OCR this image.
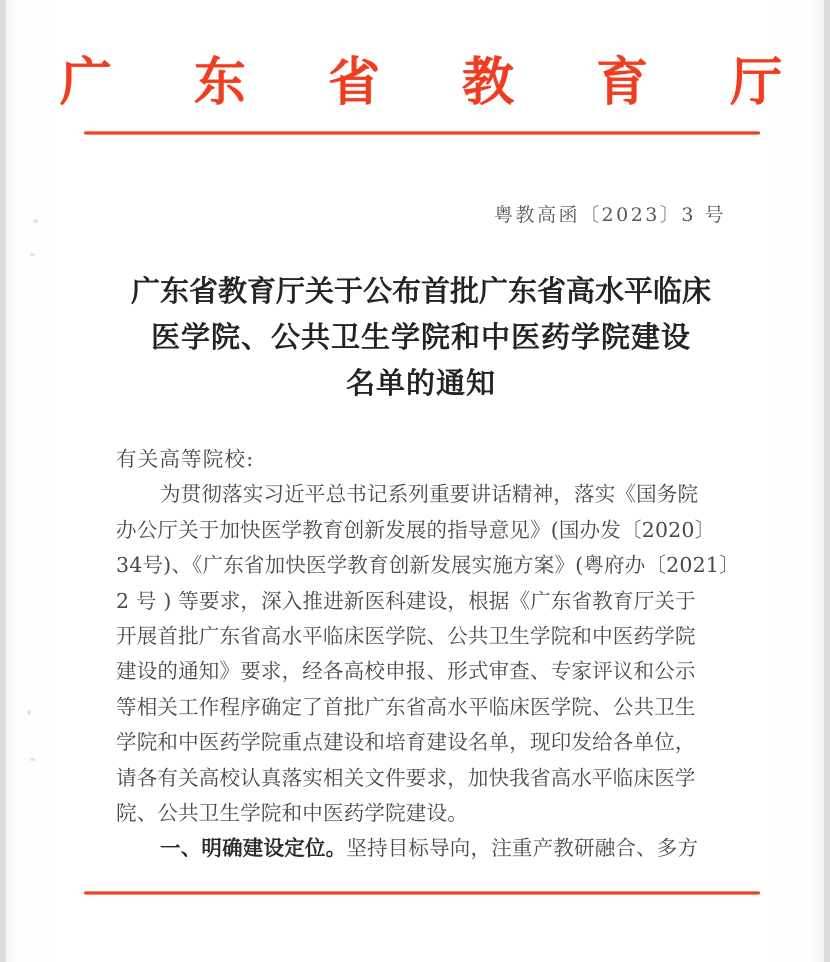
广 东 省 教 育 厅
粤教高函〔2023〕3 号
广东省教育厅关于公布首批广东省高水平临床
医学院、公共卫生学院和中医药学院建设
名单的通知
有关高等院校:
为贯彻落实习近平总书记系列重要讲话精神，落实《国务院
办公厅关于加快医学教育创新发展的指导意见》(国办发〔2020〕
34号)、《广东省加快医学教育创新发展实施方案》(粤府办〔2021〕
2 号 ) 等要求，深入推进新医科建设，根据《广东省教育厅关于
开展首批广东省高水平临床医学院、公共卫生学院和中医药学院
建设的通知》要求，经各高校申报、形式审查、专家评议和公示
等相关工作程序确定了首批广东省高水平临床医学院、公共卫生
学院和中医药学院重点建设和培育建设名单，现印发给各单位，
请各有关高校认真落实相关文件要求，加快我省高水平临床医学
院、公共卫生学院和中医药学院建设。
一、明确建设定位。坚持目标导向，注重产教研融合、多方
